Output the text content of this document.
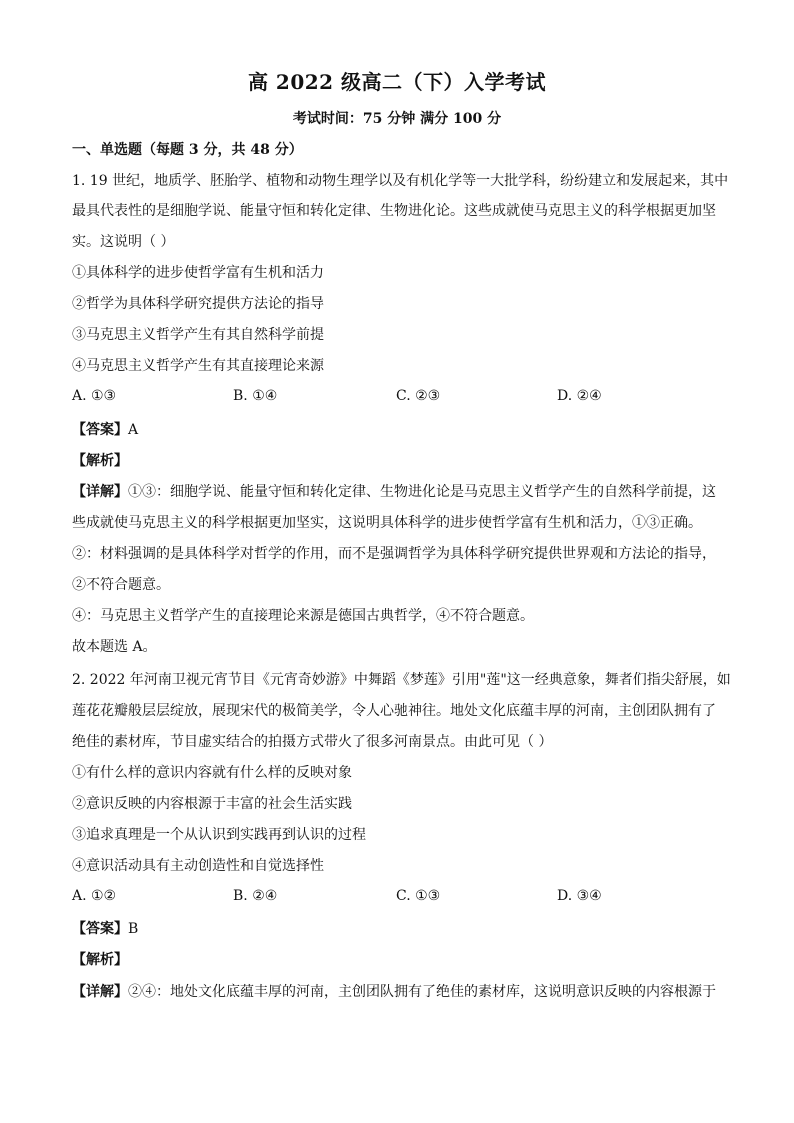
高 2022 级高二（下）入学考试
考试时间：75 分钟 满分 100 分
一、单选题（每题 3 分，共 48 分）
1. 19 世纪，地质学、胚胎学、植物和动物生理学以及有机化学等一大批学科，纷纷建立和发展起来，其中
最具代表性的是细胞学说、能量守恒和转化定律、生物进化论。这些成就使马克思主义的科学根据更加坚
实。这说明（ ）
①具体科学的进步使哲学富有生机和活力
②哲学为具体科学研究提供方法论的指导
③马克思主义哲学产生有其自然科学前提
④马克思主义哲学产生有其直接理论来源
A. ①③	B. ①④	C. ②③	D. ②④
【答案】A
【解析】
【详解】①③：细胞学说、能量守恒和转化定律、生物进化论是马克思主义哲学产生的自然科学前提，这
些成就使马克思主义的科学根据更加坚实，这说明具体科学的进步使哲学富有生机和活力，①③正确。
②：材料强调的是具体科学对哲学的作用，而不是强调哲学为具体科学研究提供世界观和方法论的指导，
②不符合题意。
④：马克思主义哲学产生的直接理论来源是德国古典哲学，④不符合题意。
故本题选 A。
2. 2022 年河南卫视元宵节目《元宵奇妙游》中舞蹈《梦莲》引用"莲"这一经典意象，舞者们指尖舒展，如
莲花花瓣般层层绽放，展现宋代的极简美学，令人心驰神往。地处文化底蕴丰厚的河南，主创团队拥有了
绝佳的素材库，节目虚实结合的拍摄方式带火了很多河南景点。由此可见（ ）
①有什么样的意识内容就有什么样的反映对象
②意识反映的内容根源于丰富的社会生活实践
③追求真理是一个从认识到实践再到认识的过程
④意识活动具有主动创造性和自觉选择性
A. ①②	B. ②④	C. ①③	D. ③④
【答案】B
【解析】
【详解】②④：地处文化底蕴丰厚的河南，主创团队拥有了绝佳的素材库，这说明意识反映的内容根源于
